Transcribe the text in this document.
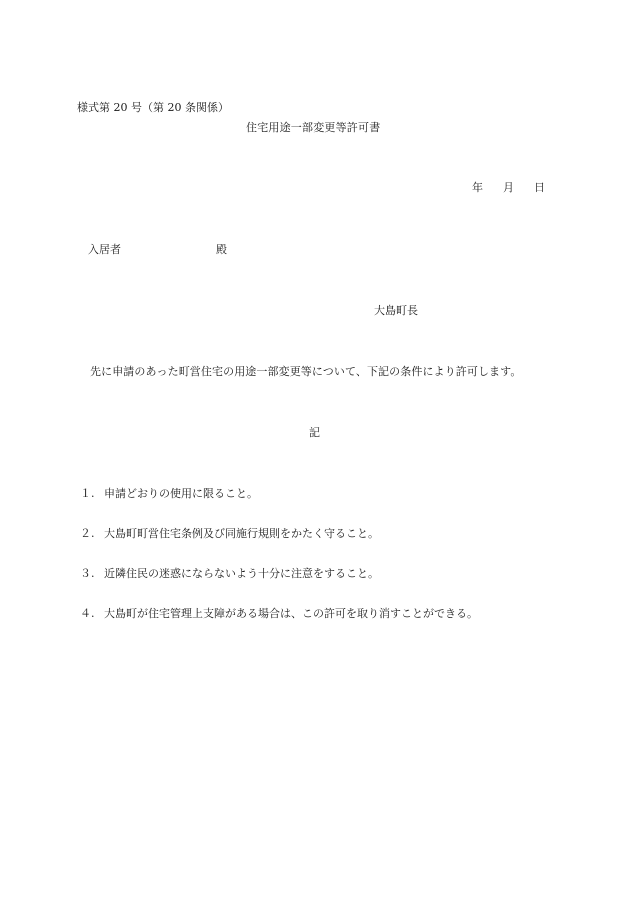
様式第 20 号（第 20 条関係）
住宅用途一部変更等許可書
年 月 日
入居者	殿
大島町長
先に申請のあった町営住宅の用途一部変更等について、下記の条件により許可します。
記
１. 申請どおりの使用に限ること。
２. 大島町町営住宅条例及び同施行規則をかたく守ること。
３. 近隣住民の迷惑にならないよう十分に注意をすること。
４. 大島町が住宅管理上支障がある場合は、この許可を取り消すことができる。
